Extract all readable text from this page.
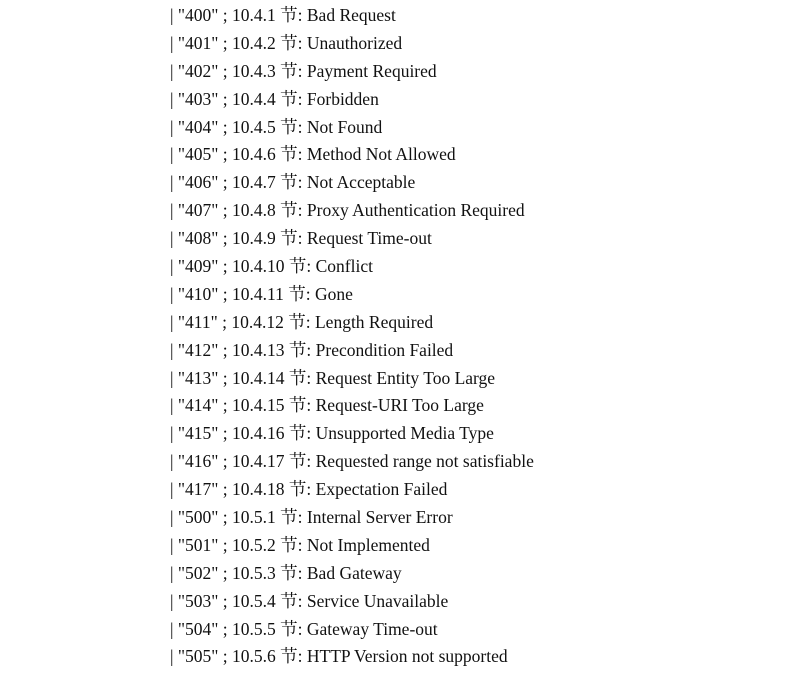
| "400" ; 10.4.1 节: Bad Request
| "401" ; 10.4.2 节: Unauthorized
| "402" ; 10.4.3 节: Payment Required
| "403" ; 10.4.4 节: Forbidden
| "404" ; 10.4.5 节: Not Found
| "405" ; 10.4.6 节: Method Not Allowed
| "406" ; 10.4.7 节: Not Acceptable
| "407" ; 10.4.8 节: Proxy Authentication Required
| "408" ; 10.4.9 节: Request Time-out
| "409" ; 10.4.10 节: Conflict
| "410" ; 10.4.11 节: Gone
| "411" ; 10.4.12 节: Length Required
| "412" ; 10.4.13 节: Precondition Failed
| "413" ; 10.4.14 节: Request Entity Too Large
| "414" ; 10.4.15 节: Request-URI Too Large
| "415" ; 10.4.16 节: Unsupported Media Type
| "416" ; 10.4.17 节: Requested range not satisfiable
| "417" ; 10.4.18 节: Expectation Failed
| "500" ; 10.5.1 节: Internal Server Error
| "501" ; 10.5.2 节: Not Implemented
| "502" ; 10.5.3 节: Bad Gateway
| "503" ; 10.5.4 节: Service Unavailable
| "504" ; 10.5.5 节: Gateway Time-out
| "505" ; 10.5.6 节: HTTP Version not supported
